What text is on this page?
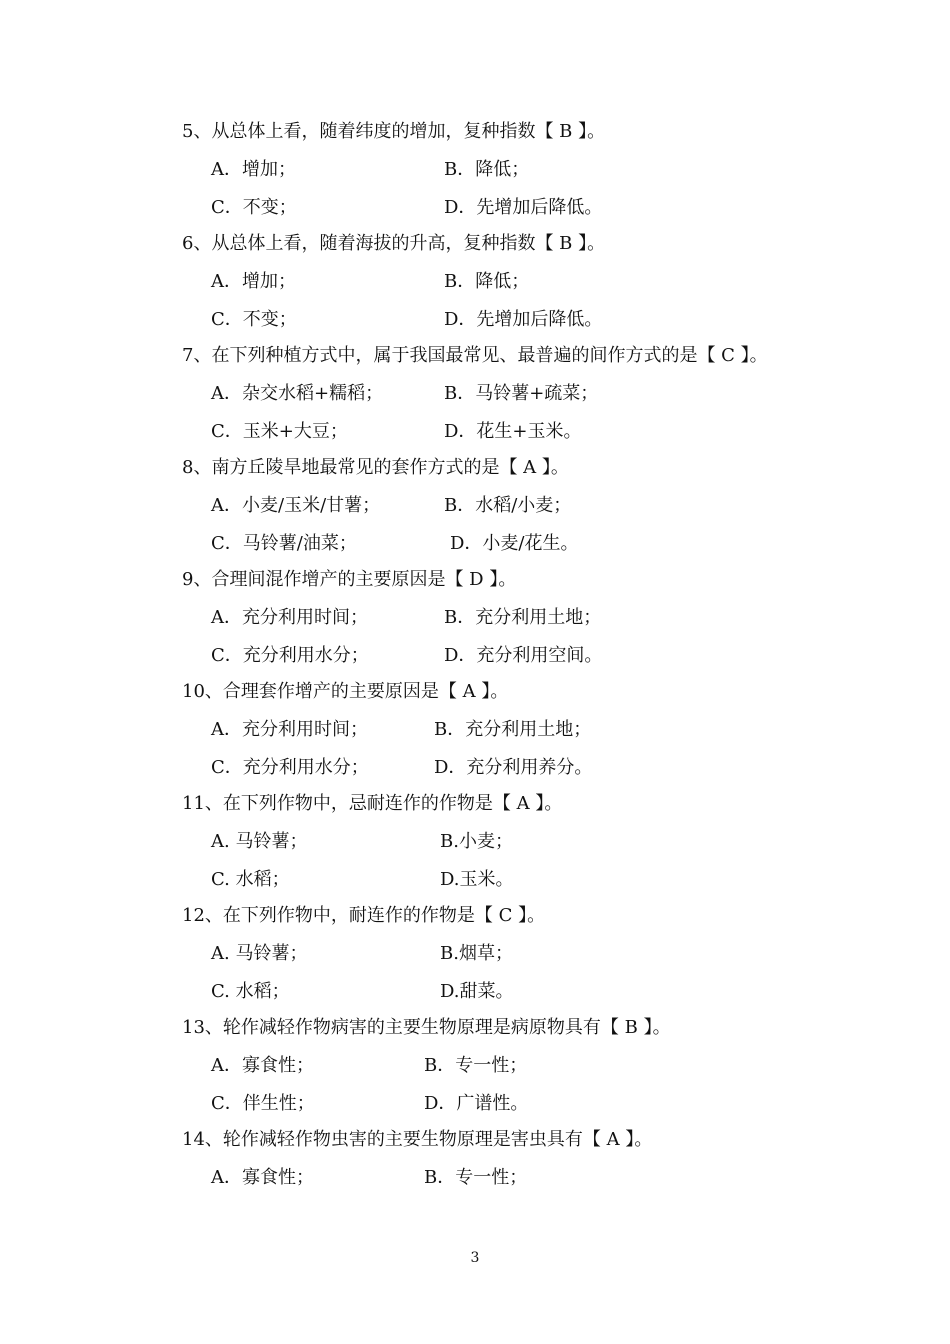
5、从总体上看，随着纬度的增加，复种指数【 B 】。
A．增加；	B．降低；
C．不变；	D．先增加后降低。
6、从总体上看，随着海拔的升高，复种指数【 B 】。
A．增加；	B．降低；
C．不变；	D．先增加后降低。
7、在下列种植方式中，属于我国最常见、最普遍的间作方式的是【 C 】。
A．杂交水稻+糯稻；	B．马铃薯+疏菜；
C．玉米+大豆；	D．花生+玉米。
8、南方丘陵旱地最常见的套作方式的是【 A 】。
A．小麦/玉米/甘薯；	B．水稻/小麦；
C．马铃薯/油菜；	D．小麦/花生。
9、合理间混作增产的主要原因是【 D 】。
A．充分利用时间；	B．充分利用土地；
C．充分利用水分；	D．充分利用空间。
10、合理套作增产的主要原因是【 A 】。
A．充分利用时间；	B．充分利用土地；
C．充分利用水分；	D．充分利用养分。
11、在下列作物中，忌耐连作的作物是【 A 】。
A. 马铃薯；	B.小麦；
C. 水稻；	D.玉米。
12、在下列作物中，耐连作的作物是【 C 】。
A. 马铃薯；	B.烟草；
C. 水稻；	D.甜菜。
13、轮作减轻作物病害的主要生物原理是病原物具有【 B 】。
A．寡食性；	B．专一性；
C．伴生性；	D．广谱性。
14、轮作减轻作物虫害的主要生物原理是害虫具有【 A 】。
A．寡食性；	B．专一性；
3
